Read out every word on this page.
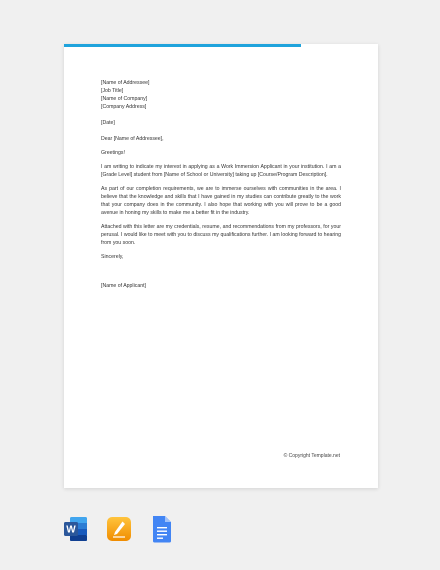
[Name of Addressee]

[Job Title]

[Name of Company]

[Company Address]

[Date]

Dear [Name of Addressee],

Greetings!

I am writing to indicate my interest in applying as a Work Immersion Applicant in your institution. I am a [Grade Level] student from [Name of School or University] taking up [Course/Program Description].

As part of our completion requirements, we are to immerse ourselves with communities in the area. I believe that the knowledge and skills that I have gained in my studies can contribute greatly to the work that your company does in the community. I also hope that working with you will prove to be a good avenue in honing my skills to make me a better fit in the industry.

Attached with this letter are my credentials, resume, and recommendations from my professors, for your perusal. I would like to meet with you to discuss my qualifications further. I am looking forward to hearing from you soon.

Sincerely,

[Name of Applicant]

© Copyright Template.net
W
